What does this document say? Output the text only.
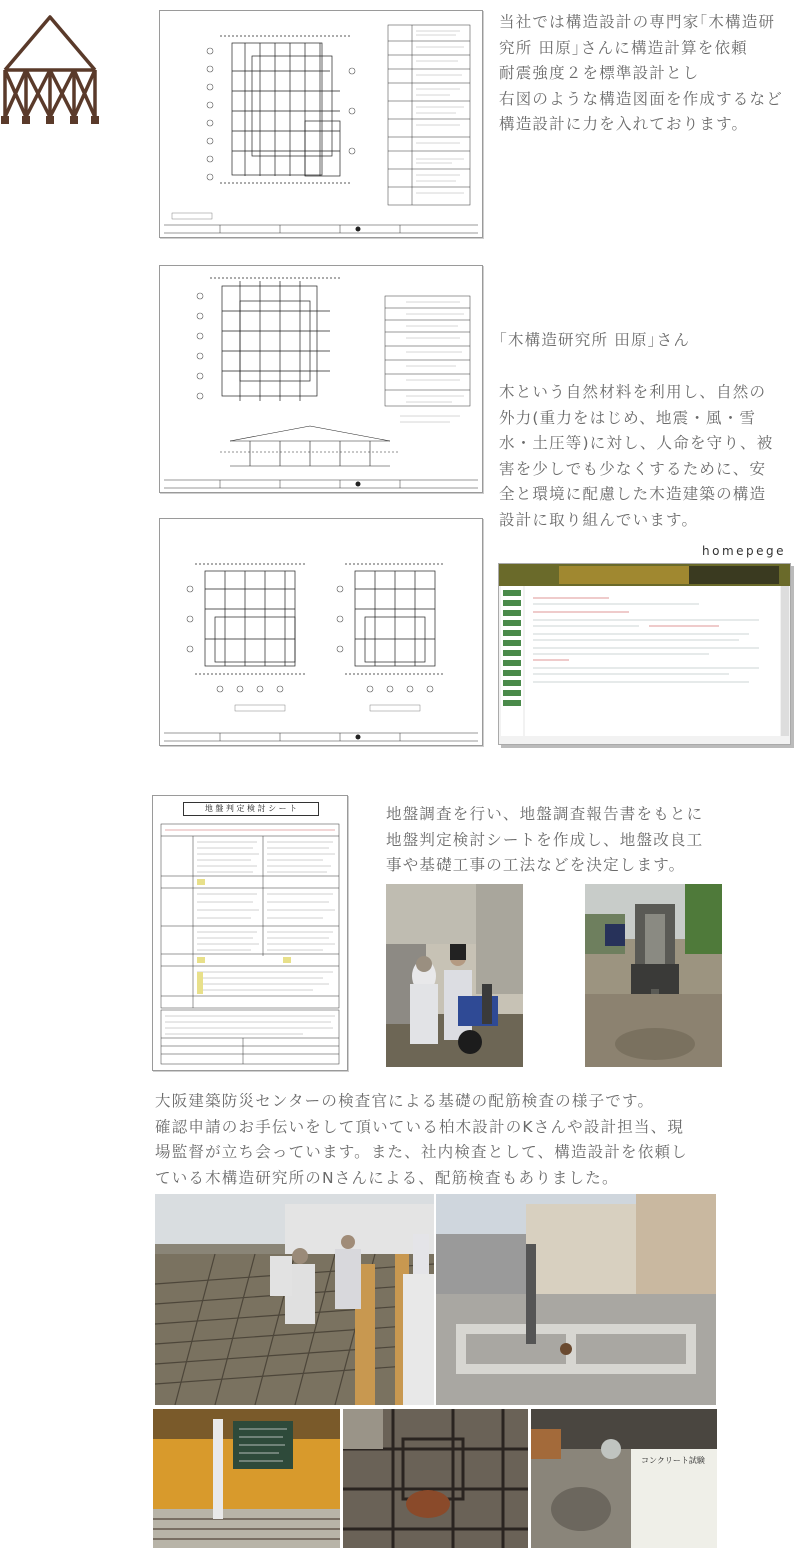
当社では構造設計の専門家｢木構造研
究所 田原｣さんに構造計算を依頼
耐震強度２を標準設計とし
右図のような構造図面を作成するなど
構造設計に力を入れております。
｢木構造研究所 田原｣さん
木という自然材料を利用し、自然の
外力(重力をはじめ、地震・風・雪
水・土圧等)に対し、人命を守り、被
害を少しでも少なくするために、安
全と環境に配慮した木造建築の構造
設計に取り組んでいます。
homepege
地 盤 判 定 検 討 シ ー ト	地盤調査を行い、地盤調査報告書をもとに
地盤判定検討シートを作成し、地盤改良工
事や基礎工事の工法などを決定します。
大阪建築防災センターの検査官による基礎の配筋検査の様子です。
確認申請のお手伝いをして頂いている柏木設計のKさんや設計担当、現
場監督が立ち会っています。また、社内検査として、構造設計を依頼し
ている木構造研究所のNさんによる、配筋検査もありました。
コンクリート試験
